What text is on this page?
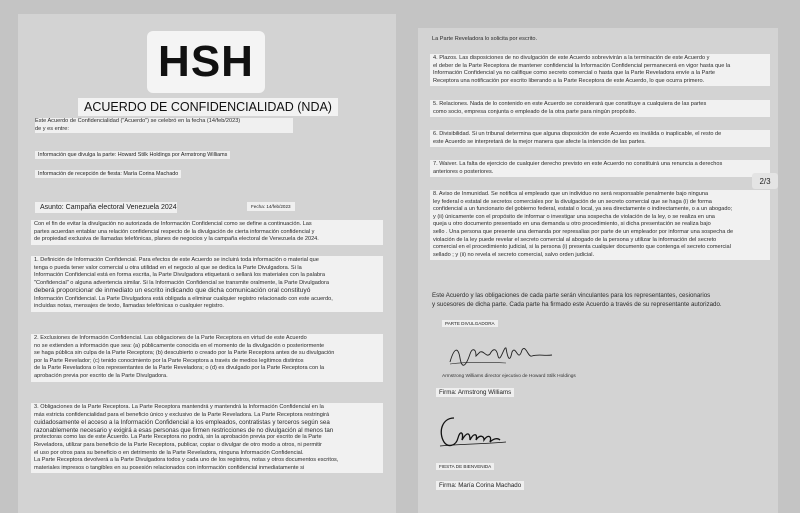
HSH
ACUERDO DE CONFIDENCIALIDAD (NDA)
Este Acuerdo de Confidencialidad ("Acuerdo") se celebró en la fecha (14/feb/2023)
de y es entre:
Información que divulga la parte: Howard Stilk Holdings por Armstrong Williams
Información de recepción de fiesta: María Corina Machado
Asunto: Campaña electoral Venezuela 2024	Fecha: 14/feb/2023
Con el fin de evitar la divulgación no autorizada de Información Confidencial como se define a continuación. Las
partes acuerdan entablar una relación confidencial respecto de la divulgación de cierta información confidencial y
de propiedad exclusiva de llamadas telefónicas, planes de negocios y la campaña electoral de Venezuela de 2024.
1. Definición de Información Confidencial. Para efectos de este Acuerdo se incluirá toda información o material que
tenga o pueda tener valor comercial u otra utilidad en el negocio al que se dedica la Parte Divulgadora. Si la
Información Confidencial está en forma escrita, la Parte Divulgadora etiquetará o sellará los materiales con la palabra
"Confidencial" o alguna advertencia similar. Si la Información Confidencial se transmite oralmente, la Parte Divulgadora
deberá proporcionar de inmediato un escrito indicando que dicha comunicación oral constituyó
Información Confidencial. La Parte Divulgadora está obligada a eliminar cualquier registro relacionado con este acuerdo,
incluidas notas, mensajes de texto, llamadas telefónicas o cualquier registro.
2. Exclusiones de Información Confidencial. Las obligaciones de la Parte Receptora en virtud de este Acuerdo
no se extienden a información que sea: (a) públicamente conocida en el momento de la divulgación o posteriormente
se haga pública sin culpa de la Parte Receptora; (b) descubierto o creado por la Parte Receptora antes de su divulgación
por la Parte Revelador; (c) tenido conocimiento por la Parte Receptora a través de medios legítimos distintos
de la Parte Reveladora o los representantes de la Parte Reveladora; o (d) es divulgado por la Parte Receptora con la
aprobación previa por escrito de la Parte Divulgadora.
3. Obligaciones de la Parte Receptora. La Parte Receptora mantendrá y mantendrá la Información Confidencial en la
más estricta confidencialidad para el beneficio único y exclusivo de la Parte Reveladora. La Parte Receptora restringirá
cuidadosamente el acceso a la Información Confidencial a los empleados, contratistas y terceros según sea
razonablemente necesario y exigirá a esas personas que firmen restricciones de no divulgación al menos tan
protectoras como las de este Acuerdo. La Parte Receptora no podrá, sin la aprobación previa por escrito de la Parte
Reveladora, utilizar para beneficio de la Parte Receptora, publicar, copiar o divulgar de otro modo a otros, ni permitir
el uso por otros para su beneficio o en detrimento de la Parte Reveladora, ninguna Información Confidencial.
La Parte Receptora devolverá a la Parte Divulgadora todos y cada uno de los registros, notas y otros documentos escritos,
materiales impresos o tangibles en su posesión relacionados con información confidencial inmediatamente si
La Parte Reveladora lo solicita por escrito.
4. Plazos. Las disposiciones de no divulgación de este Acuerdo sobrevivirán a la terminación de este Acuerdo y
el deber de la Parte Receptora de mantener confidencial la Información Confidencial permanecerá en vigor hasta que la
Información Confidencial ya no califique como secreto comercial o hasta que la Parte Reveladora envíe a la Parte
Receptora una notificación por escrito liberando a la Parte Receptora de este Acuerdo, lo que ocurra primero.
5. Relaciones. Nada de lo contenido en este Acuerdo se considerará que constituye a cualquiera de las partes
como socio, empresa conjunta o empleado de la otra parte para ningún propósito.
6. Divisibilidad. Si un tribunal determina que alguna disposición de este Acuerdo es inválida o inaplicable, el resto de
este Acuerdo se interpretará de la mejor manera que afecte la intención de las partes.
7. Waiver. La falta de ejercicio de cualquier derecho previsto en este Acuerdo no constituirá una renuncia a derechos
anteriores o posteriores.
8. Aviso de Inmunidad. Se notifica al empleado que un individuo no será responsable penalmente bajo ninguna
ley federal o estatal de secretos comerciales por la divulgación de un secreto comercial que se haga (i) de forma
confidencial a un funcionario del gobierno federal, estatal o local, ya sea directamente o indirectamente, o a un abogado;
y (ii) únicamente con el propósito de informar o investigar una sospecha de violación de la ley, o se realiza en una
queja u otro documento presentado en una demanda u otro procedimiento, si dicha presentación se realiza bajo
sello . Una persona que presente una demanda por represalias por parte de un empleador por informar una sospecha de
violación de la ley puede revelar el secreto comercial al abogado de la persona y utilizar la información del secreto
comercial en el procedimiento judicial, si la persona (i) presenta cualquier documento que contenga el secreto comercial
sellado ; y (ii) no revela el secreto comercial, salvo orden judicial.
Este Acuerdo y las obligaciones de cada parte serán vinculantes para los representantes, cesionarios
y sucesores de dicha parte. Cada parte ha firmado este Acuerdo a través de su representante autorizado.
PARTE DIVULGADORA
Armstrong Williams director ejecutivo de Howard Stilk Holdings
Firma: Armstrong Williams
FIESTA DE BIENVENIDA
Firma: María Corina Machado
2/3
